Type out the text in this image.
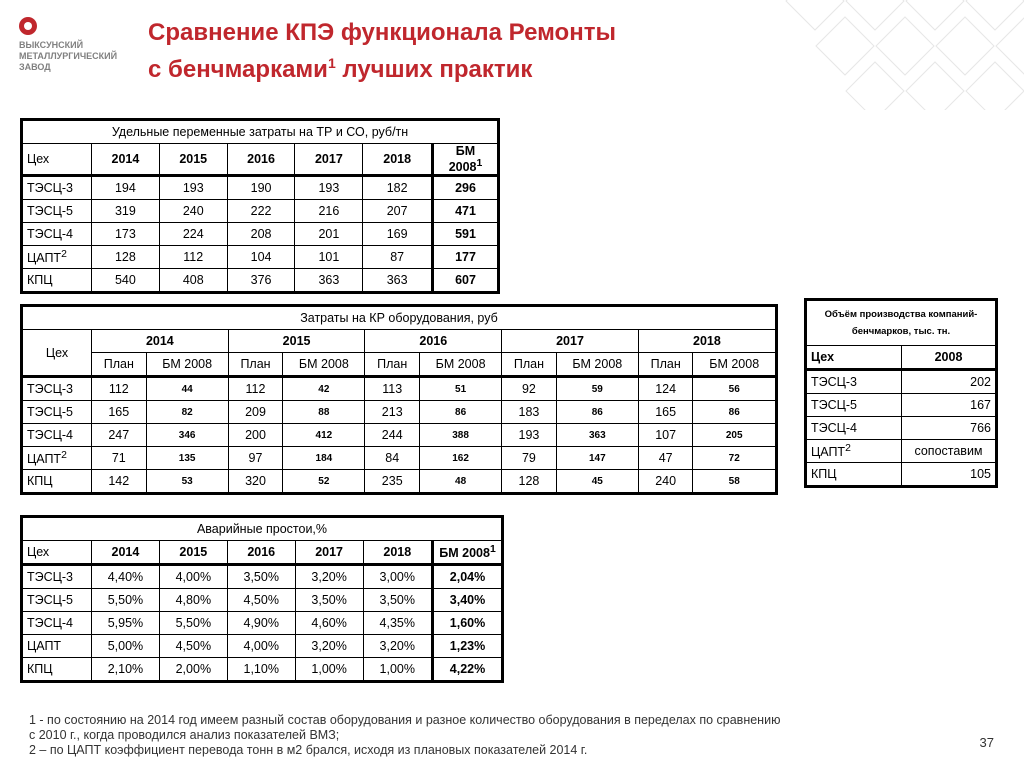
ВЫКСУНСКИЙ
МЕТАЛЛУРГИЧЕСКИЙ
ЗАВОД
Сравнение КПЭ функционала Ремонты
с бенчмарками$^1$ лучших практик
Удельные переменные затраты на ТР и СО, руб/тн						
Цех	2014	2015	2016	2017	2018	БМ 2008$^1$
ТЭСЦ-3	194	193	190	193	182	296
ТЭСЦ-5	319	240	222	216	207	471
ТЭСЦ-4	173	224	208	201	169	591
ЦАПТ$^2$	128	112	104	101	87	177
КПЦ	540	408	376	363	363	607
Затраты на КР оборудования, руб										
Цех	2014		2015		2016		2017		2018	
	План	БМ 2008	План	БМ 2008	План	БМ 2008	План	БМ 2008	План	БМ 2008
ТЭСЦ-3	112	44	112	42	113	51	92	59	124	56
ТЭСЦ-5	165	82	209	88	213	86	183	86	165	86
ТЭСЦ-4	247	346	200	412	244	388	193	363	107	205
ЦАПТ$^2$	71	135	97	184	84	162	79	147	47	72
КПЦ	142	53	320	52	235	48	128	45	240	58
Объём производства компаний-
бенчмарков, тыс. тн.	
Цех	2008
ТЭСЦ-3	202
ТЭСЦ-5	167
ТЭСЦ-4	766
ЦАПТ$^2$	сопоставим
КПЦ	105
Аварийные простои,%						
Цех	2014	2015	2016	2017	2018	БМ 2008$^1$
ТЭСЦ-3	4,40%	4,00%	3,50%	3,20%	3,00%	2,04%
ТЭСЦ-5	5,50%	4,80%	4,50%	3,50%	3,50%	3,40%
ТЭСЦ-4	5,95%	5,50%	4,90%	4,60%	4,35%	1,60%
ЦАПТ	5,00%	4,50%	4,00%	3,20%	3,20%	1,23%
КПЦ	2,10%	2,00%	1,10%	1,00%	1,00%	4,22%
1 - по состоянию на 2014 год имеем разный состав оборудования и разное количество оборудования в переделах по сравнению
с 2010 г., когда проводился анализ показателей ВМЗ;
2 – по ЦАПТ коэффициент перевода тонн в м2 брался, исходя из плановых показателей 2014 г.	37
